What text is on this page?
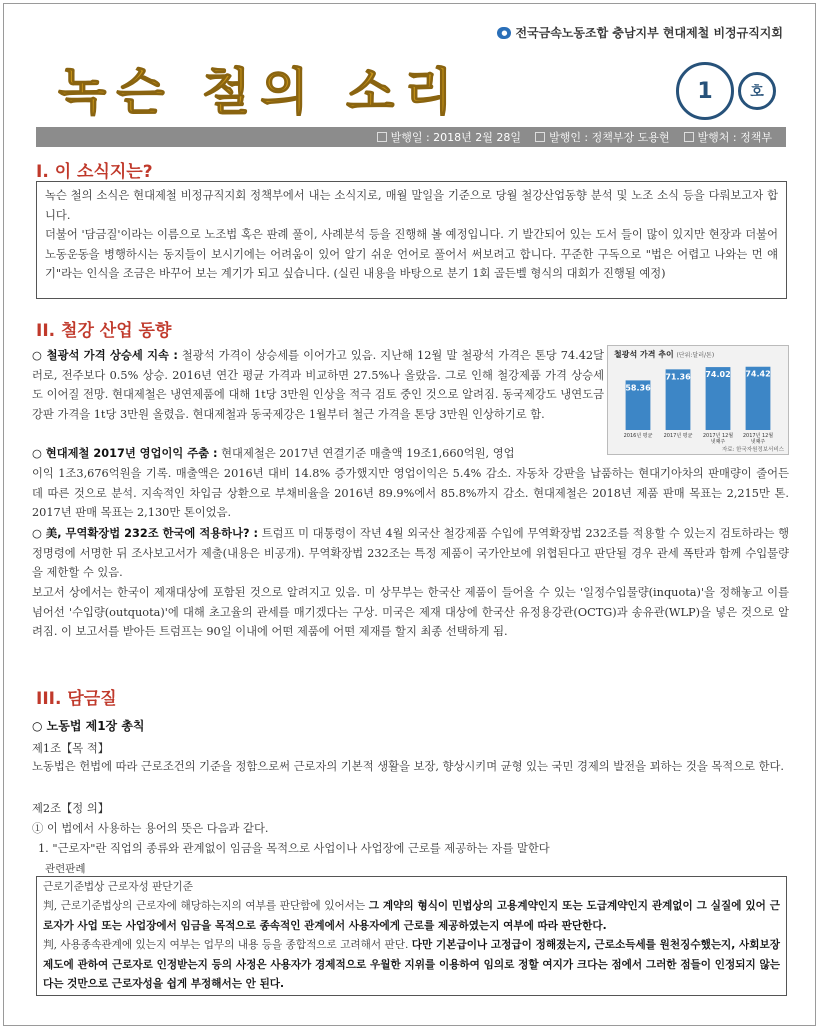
● 전국금속노동조합 충남지부 현대제철 비정규직지회
녹슨 철의 소리	1	호
발행일 : 2018년 2월 28일	발행인 : 정책부장 도용현	발행처 : 정책부
I. 이 소식지는?
녹슨 철의 소식은 현대제철 비정규직지회 정책부에서 내는 소식지로, 매월 말일을 기준으로 당월 철강산업동향 분석 및 노조 소식 등을 다뤄보고자 합니다.
더불어 '담금질'이라는 이름으로 노조법 혹은 판례 풀이, 사례분석 등을 진행해 볼 예정입니다. 기 발간되어 있는 도서 들이 많이 있지만 현장과 더불어 노동운동을 병행하시는 동지들이 보시기에는 어려움이 있어 알기 쉬운 언어로 풀어서 써보려고 합니다. 꾸준한 구독으로 "법은 어렵고 나와는 먼 얘기"라는 인식을 조금은 바꾸어 보는 계기가 되고 싶습니다. (실린 내용을 바탕으로 분기 1회 골든벨 형식의 대회가 진행될 예정)
II. 철강 산업 동향
○ 철광석 가격 상승세 지속 : 철광석 가격이 상승세를 이어가고 있음. 지난해 12월 말 철광석 가격은 톤당 74.42달러로, 전주보다 0.5% 상승. 2016년 연간 평균 가격과 비교하면 27.5%나 올랐음. 그로 인해 철강제품 가격 상승세도 이어질 전망. 현대제철은 냉연제품에 대해 1t당 3만원 인상을 적극 검토 중인 것으로 알려짐. 동국제강도 냉연도금강판 가격을 1t당 3만원 올렸음. 현대제철과 동국제강은 1월부터 철근 가격을 톤당 3만원 인상하기로 함.
철광석 가격 추이 (단위:달러/톤)
58.36
2016년 평균
71.36
2017년 평균
74.02
2017년 12월
넷째주
74.42
2017년 12월
넷째주
자료: 한국자원정보서비스
○ 현대제철 2017년 영업이익 주춤 : 현대제철은 2017년 연결기준 매출액 19조1,660억원, 영업
이익 1조3,676억원을 기록. 매출액은 2016년 대비 14.8% 증가했지만 영업이익은 5.4% 감소. 자동차 강판을 납품하는 현대기아차의 판매량이 줄어든 데 따른 것으로 분석. 지속적인 차입금 상환으로 부채비율을 2016년 89.9%에서 85.8%까지 감소. 현대제철은 2018년 제품 판매 목표는 2,215만 톤. 2017년 판매 목표는 2,130만 톤이었음.
○ 美, 무역확장법 232조 한국에 적용하나? : 트럼프 미 대통령이 작년 4월 외국산 철강제품 수입에 무역확장법 232조를 적용할 수 있는지 검토하라는 행정명령에 서명한 뒤 조사보고서가 제출(내용은 비공개). 무역확장법 232조는 특정 제품이 국가안보에 위협된다고 판단될 경우 관세 폭탄과 함께 수입물량을 제한할 수 있음.
보고서 상에서는 한국이 제재대상에 포함된 것으로 알려지고 있음. 미 상무부는 한국산 제품이 들어올 수 있는 '일정수입물량(inquota)'을 정해놓고 이를 넘어선 '수입량(outquota)'에 대해 초고율의 관세를 매기겠다는 구상. 미국은 제재 대상에 한국산 유정용강관(OCTG)과 송유관(WLP)을 넣은 것으로 알려짐. 이 보고서를 받아든 트럼프는 90일 이내에 어떤 제품에 어떤 제재를 할지 최종 선택하게 됨.
III. 담금질
○ 노동법 제1장 총칙
제1조【목 적】
노동법은 헌법에 따라 근로조건의 기준을 정함으로써 근로자의 기본적 생활을 보장, 향상시키며 균형 있는 국민 경제의 발전을 꾀하는 것을 목적으로 한다.
제2조【정 의】
① 이 법에서 사용하는 용어의 뜻은 다음과 같다.
1. "근로자"란 직업의 종류와 관계없이 임금을 목적으로 사업이나 사업장에 근로를 제공하는 자를 말한다
관련판례
근로기준법상 근로자성 판단기준
判, 근로기준법상의 근로자에 해당하는지의 여부를 판단함에 있어서는 그 계약의 형식이 민법상의 고용계약인지 또는 도급계약인지 관계없이 그 실질에 있어 근로자가 사업 또는 사업장에서 임금을 목적으로 종속적인 관계에서 사용자에게 근로를 제공하였는지 여부에 따라 판단한다.
判, 사용종속관계에 있는지 여부는 업무의 내용 등을 종합적으로 고려해서 판단. 다만 기본급이나 고정급이 정해졌는지, 근로소득세를 원천징수했는지, 사회보장제도에 관하여 근로자로 인정받는지 등의 사정은 사용자가 경제적으로 우월한 지위를 이용하여 임의로 정할 여지가 크다는 점에서 그러한 점들이 인정되지 않는다는 것만으로 근로자성을 쉽게 부정해서는 안 된다.
